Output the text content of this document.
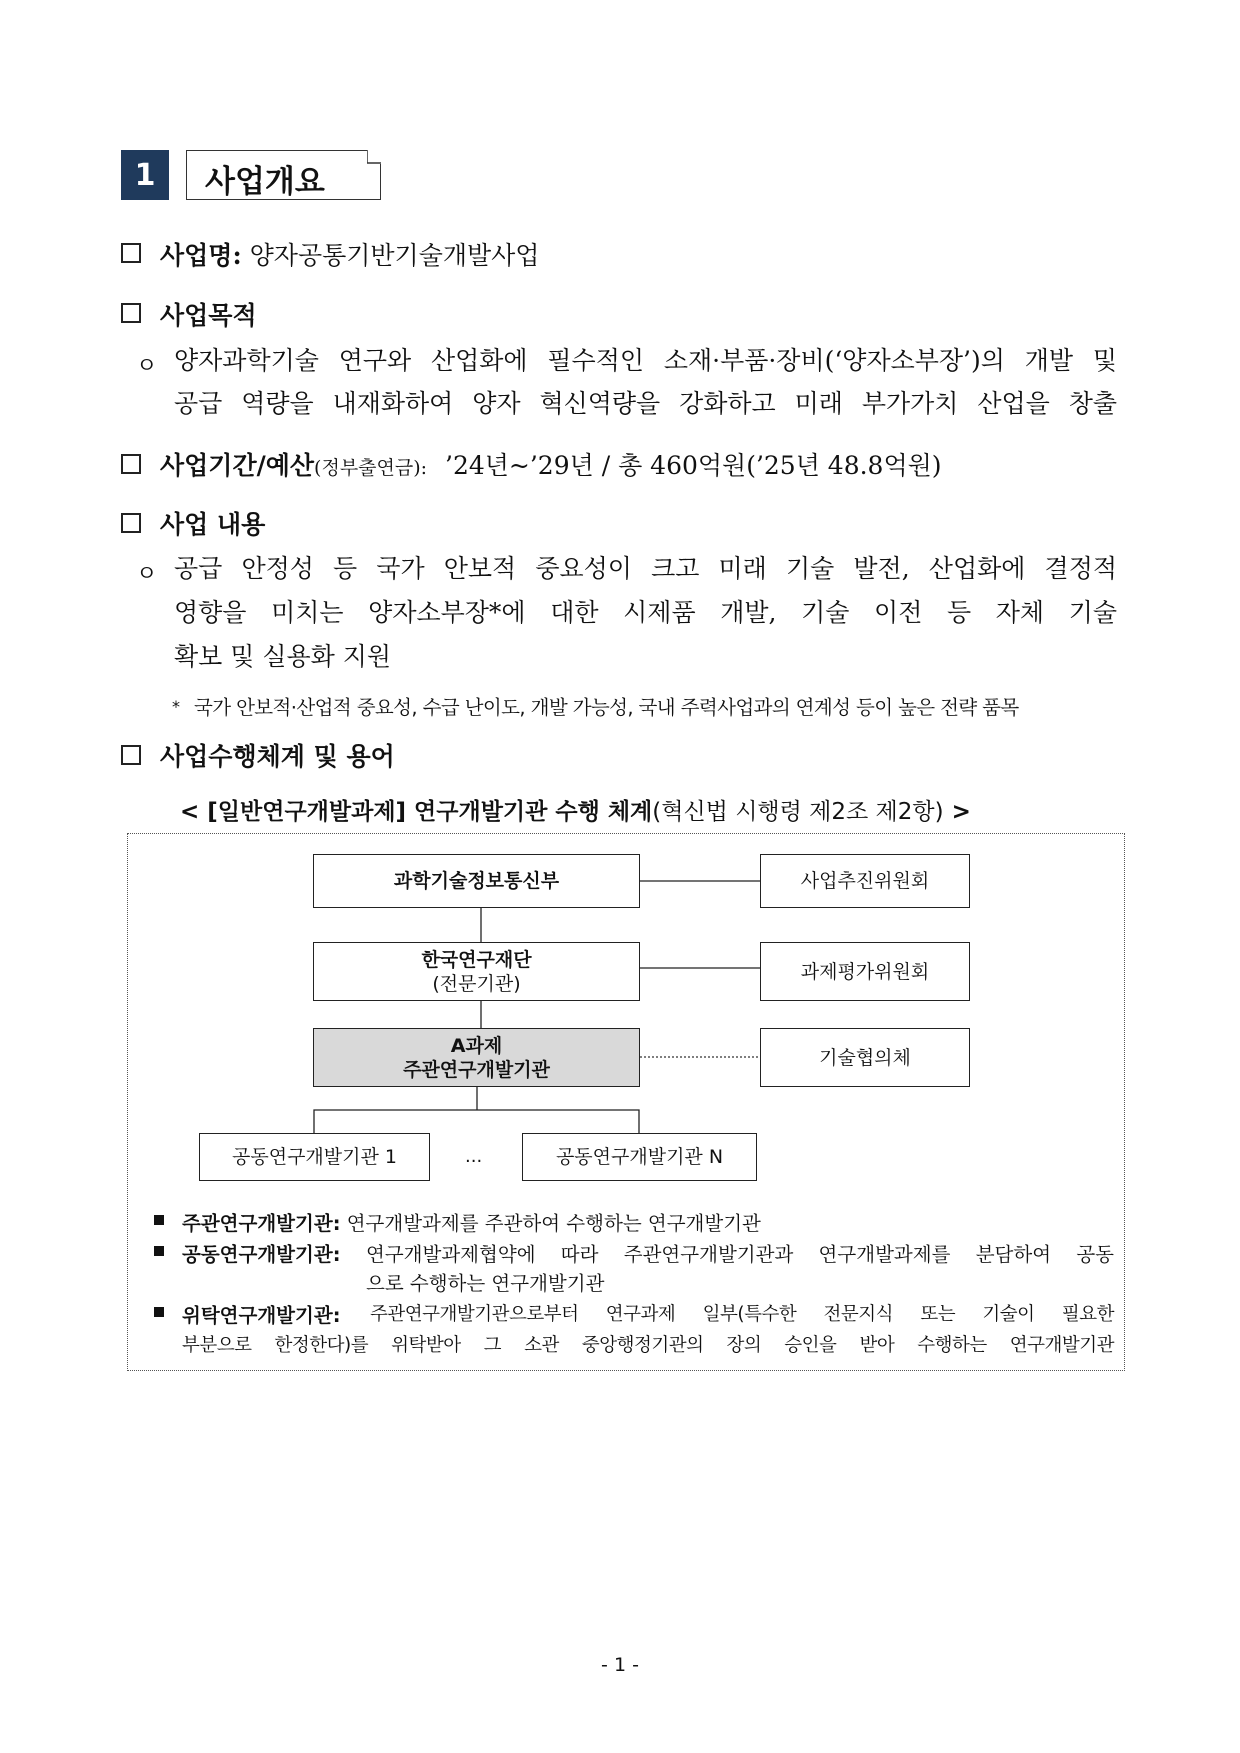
1	사업개요
사업명: 양자공통기반기술개발사업
사업목적
ㅇ 양자과학기술 연구와 산업화에 필수적인 소재·부품·장비(‘양자소부장’)의 개발 및
공급 역량을 내재화하여 양자 혁신역량을 강화하고 미래 부가가치 산업을 창출
사업기간/예산(정부출연금): ’24년~’29년 / 총 460억원(’25년 48.8억원)
사업 내용
ㅇ 공급 안정성 등 국가 안보적 중요성이 크고 미래 기술 발전, 산업화에 결정적
영향을 미치는 양자소부장*에 대한 시제품 개발, 기술 이전 등 자체 기술
확보 및 실용화 지원
* 국가 안보적·산업적 중요성, 수급 난이도, 개발 가능성, 국내 주력사업과의 연계성 등이 높은 전략 품목
사업수행체계 및 용어
< [일반연구개발과제] 연구개발기관 수행 체계(혁신법 시행령 제2조 제2항) >
과학기술정보통신부	사업추진위원회
한국연구재단
(전문기관)
과제평가위원회
A과제
주관연구개발기관
기술협의체
공동연구개발기관 1	...	공동연구개발기관 N
주관연구개발기관: 연구개발과제를 주관하여 수행하는 연구개발기관
공동연구개발기관: 연구개발과제협약에 따라 주관연구개발기관과 연구개발과제를 분담하여 공동
으로 수행하는 연구개발기관
위탁연구개발기관: 주관연구개발기관으로부터 연구과제 일부(특수한 전문지식 또는 기술이 필요한
부분으로 한정한다)를 위탁받아 그 소관 중앙행정기관의 장의 승인을 받아 수행하는 연구개발기관
- 1 -
